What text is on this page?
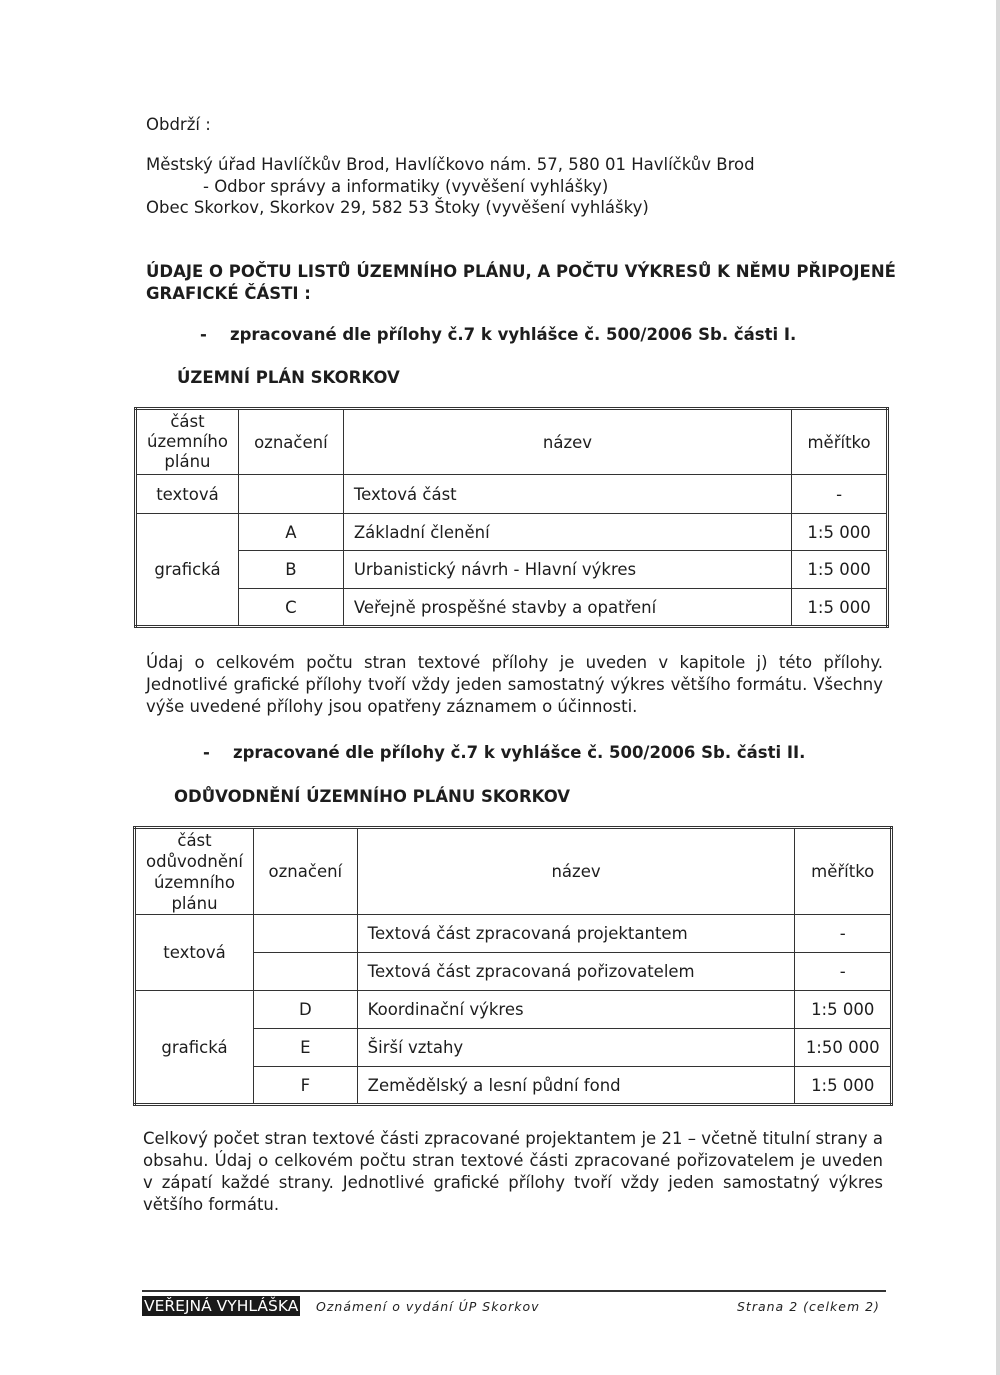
Obdrží :
Městský úřad Havlíčkův Brod, Havlíčkovo nám. 57, 580 01 Havlíčkův Brod
- Odbor správy a informatiky (vyvěšení vyhlášky)
Obec Skorkov, Skorkov 29, 582 53 Štoky (vyvěšení vyhlášky)
ÚDAJE O POČTU LISTŮ ÚZEMNÍHO PLÁNU, A POČTU VÝKRESŮ K NĚMU PŘIPOJENÉ
GRAFICKÉ ČÁSTI :
- zpracované dle přílohy č.7 k vyhlášce č. 500/2006 Sb. části I.
ÚZEMNÍ PLÁN SKORKOV
část územního plánu	označení	název	měřítko
textová		Textová část	-
grafická	A	Základní členění	1:5 000
	B	Urbanistický návrh - Hlavní výkres	1:5 000
	C	Veřejně prospěšné stavby a opatření	1:5 000
Údaj o celkovém počtu stran textové přílohy je uveden v kapitole j) této přílohy.
Jednotlivé grafické přílohy tvoří vždy jeden samostatný výkres většího formátu. Všechny
výše uvedené přílohy jsou opatřeny záznamem o účinnosti.
- zpracované dle přílohy č.7 k vyhlášce č. 500/2006 Sb. části II.
ODŮVODNĚNÍ ÚZEMNÍHO PLÁNU SKORKOV
část odůvodnění územního plánu	označení	název	měřítko
textová		Textová část zpracovaná projektantem	-
		Textová část zpracovaná pořizovatelem	-
grafická	D	Koordinační výkres	1:5 000
	E	Širší vztahy	1:50 000
	F	Zemědělský a lesní půdní fond	1:5 000
Celkový počet stran textové části zpracované projektantem je 21 – včetně titulní strany a
obsahu. Údaj o celkovém počtu stran textové části zpracované pořizovatelem je uveden
v zápatí každé strany. Jednotlivé grafické přílohy tvoří vždy jeden samostatný výkres
většího formátu.
VEŘEJNÁ VYHLÁŠKA Oznámení o vydání ÚP Skorkov	Strana 2 (celkem 2)
